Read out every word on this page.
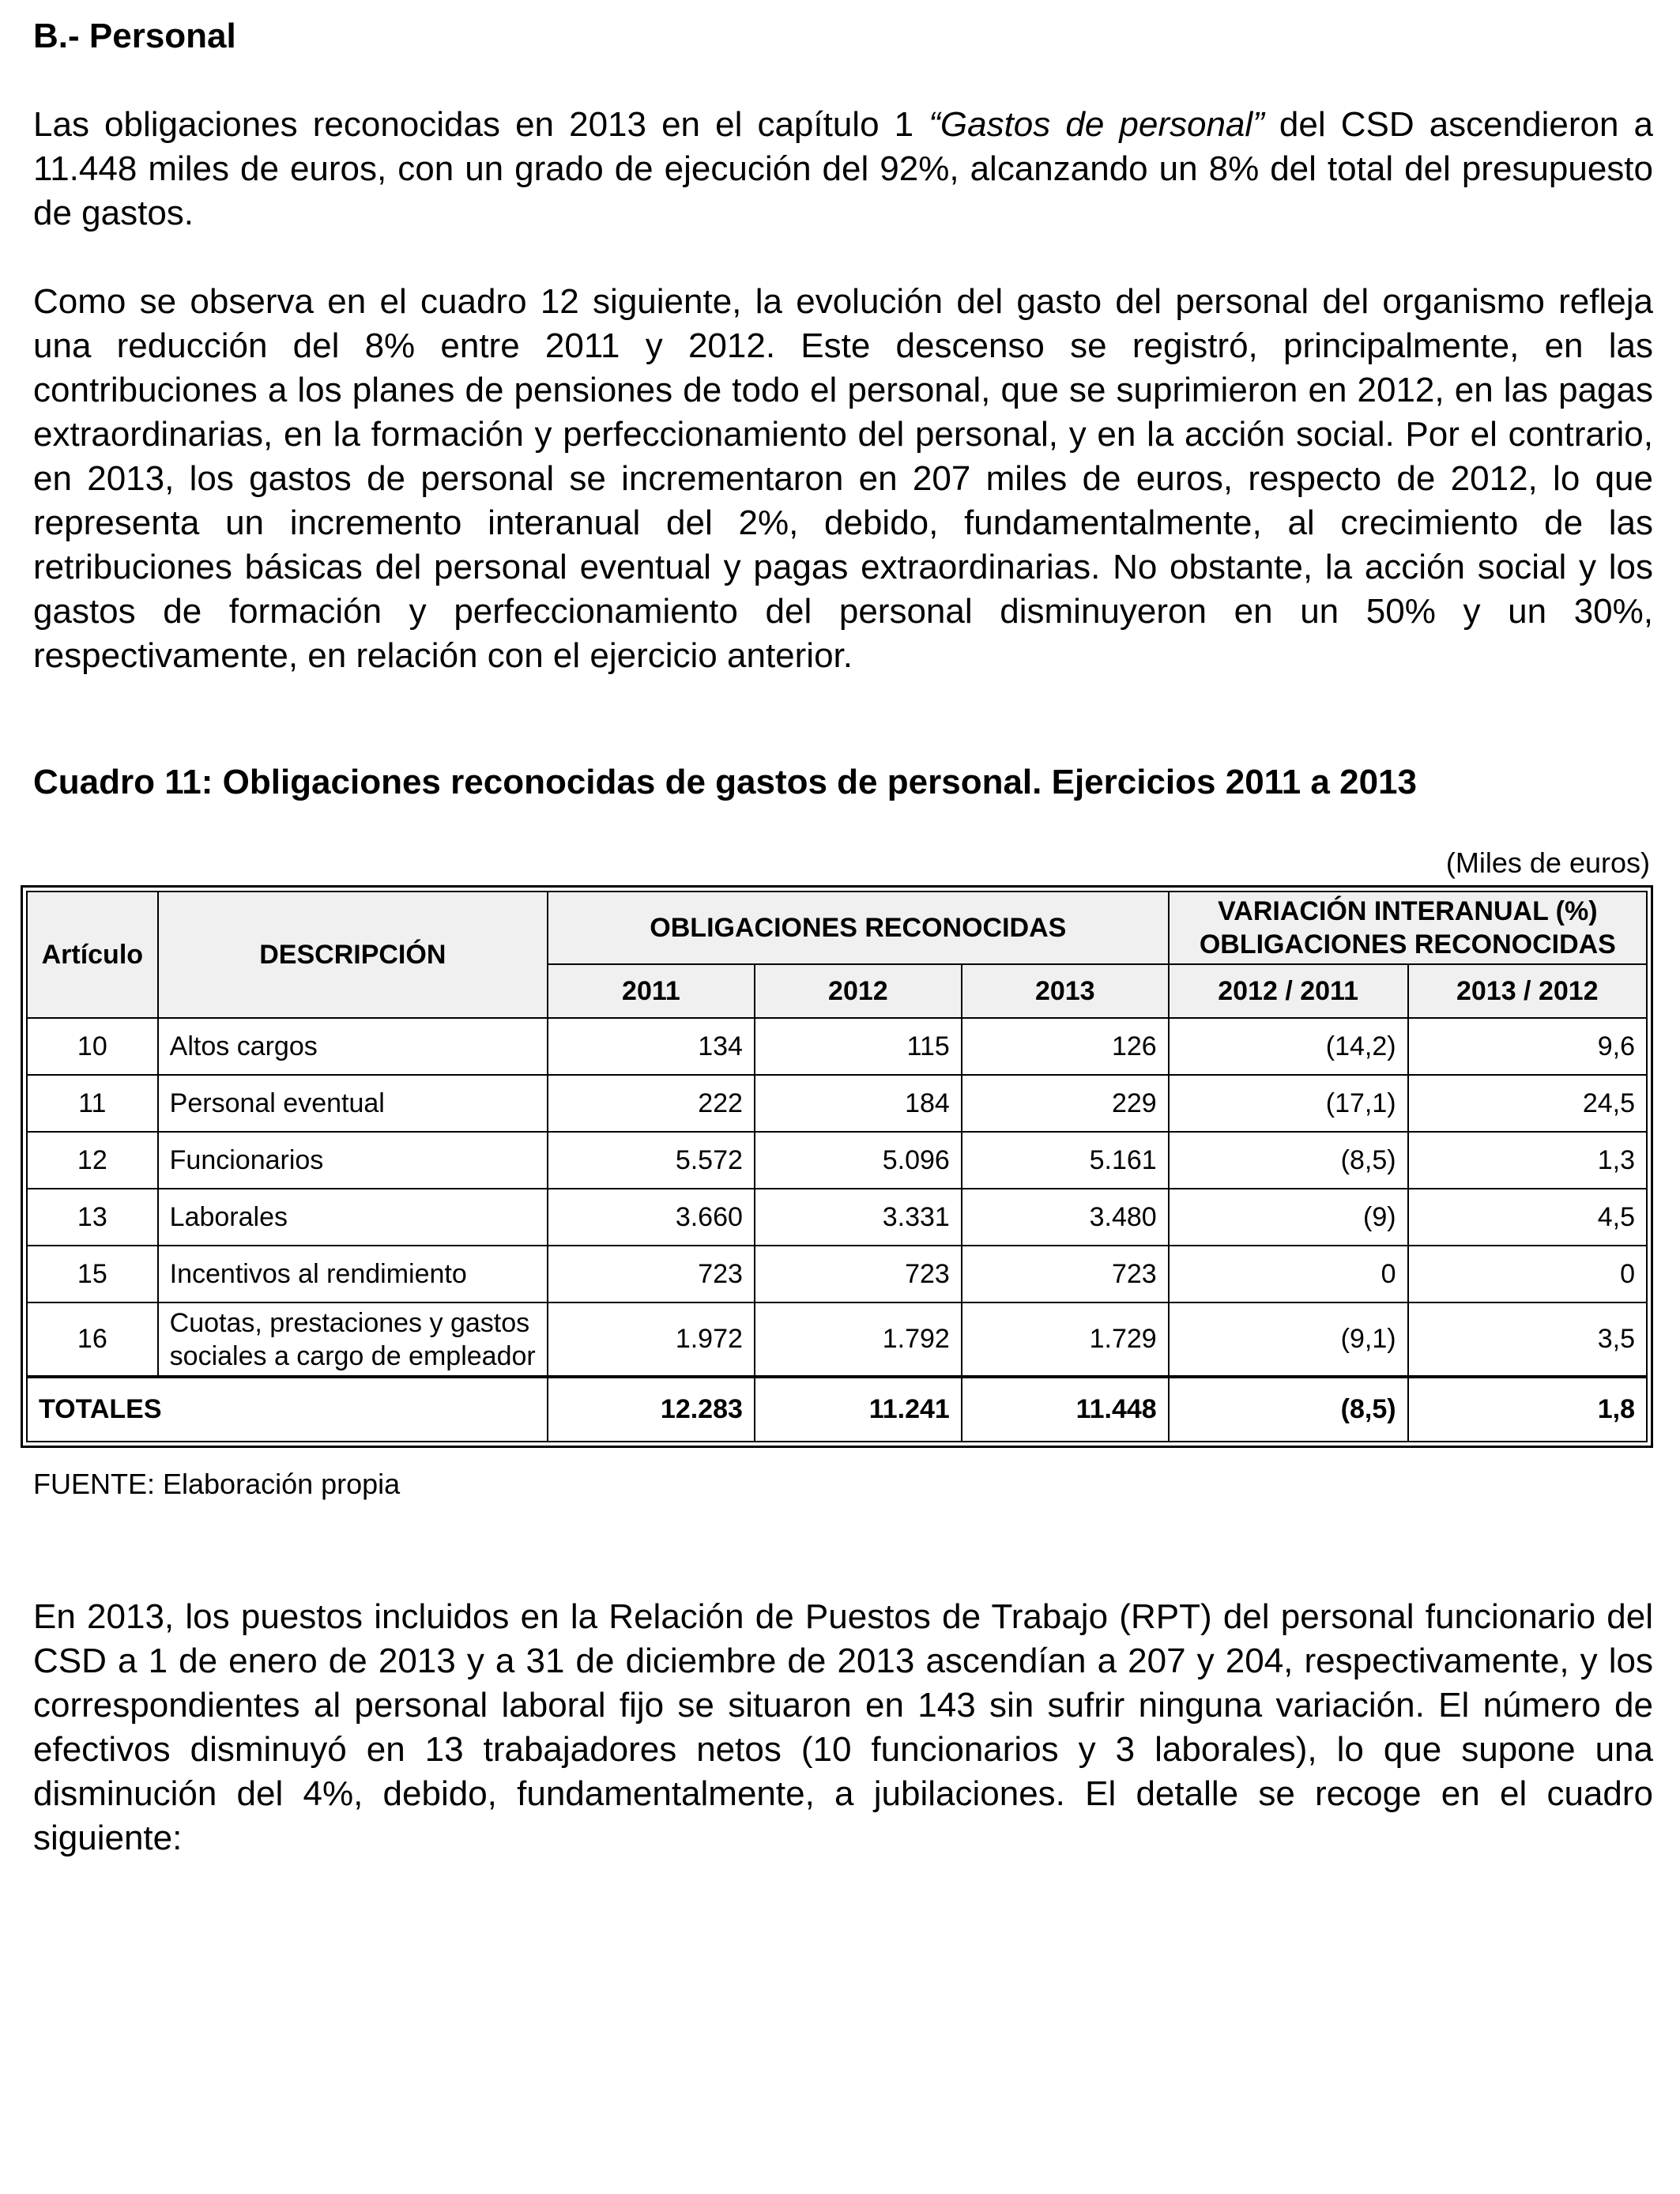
B.- Personal

Las obligaciones reconocidas en 2013 en el capítulo 1 “Gastos de personal” del CSD ascendieron a 11.448 miles de euros, con un grado de ejecución del 92%, alcanzando un 8% del total del presupuesto de gastos.

Como se observa en el cuadro 12 siguiente, la evolución del gasto del personal del organismo refleja una reducción del 8% entre 2011 y 2012. Este descenso se registró, principalmente, en las contribuciones a los planes de pensiones de todo el personal, que se suprimieron en 2012, en las pagas extraordinarias, en la formación y perfeccionamiento del personal, y en la acción social. Por el contrario, en 2013, los gastos de personal se incrementaron en 207 miles de euros, respecto de 2012, lo que representa un incremento interanual del 2%, debido, fundamentalmente, al crecimiento de las retribuciones básicas del personal eventual y pagas extraordinarias. No obstante, la acción social y los gastos de formación y perfeccionamiento del personal disminuyeron en un 50% y un 30%, respectivamente, en relación con el ejercicio anterior.

Cuadro 11: Obligaciones reconocidas de gastos de personal. Ejercicios 2011 a 2013
(Miles de euros)
Artículo	DESCRIPCIÓN	OBLIGACIONES RECONOCIDAS			VARIACIÓN INTERANUAL (%)
OBLIGACIONES RECONOCIDAS	

		2011	2012	2013	2012 / 2011	2013 / 2012
10	Altos cargos	134	115	126	(14,2)	9,6
11	Personal eventual	222	184	229	(17,1)	24,5
12	Funcionarios	5.572	5.096	5.161	(8,5)	1,3
13	Laborales	3.660	3.331	3.480	(9)	4,5
15	Incentivos al rendimiento	723	723	723	0	0
16	Cuotas, prestaciones y gastos sociales a cargo de empleador	1.972	1.792	1.729	(9,1)	3,5
TOTALES		12.283	11.241	11.448	(8,5)	1,8
FUENTE: Elaboración propia

En 2013, los puestos incluidos en la Relación de Puestos de Trabajo (RPT) del personal funcionario del CSD a 1 de enero de 2013 y a 31 de diciembre de 2013 ascendían a 207 y 204, respectivamente, y los correspondientes al personal laboral fijo se situaron en 143 sin sufrir ninguna variación. El número de efectivos disminuyó en 13 trabajadores netos (10 funcionarios y 3 laborales), lo que supone una disminución del 4%, debido, fundamentalmente, a jubilaciones. El detalle se recoge en el cuadro siguiente:
